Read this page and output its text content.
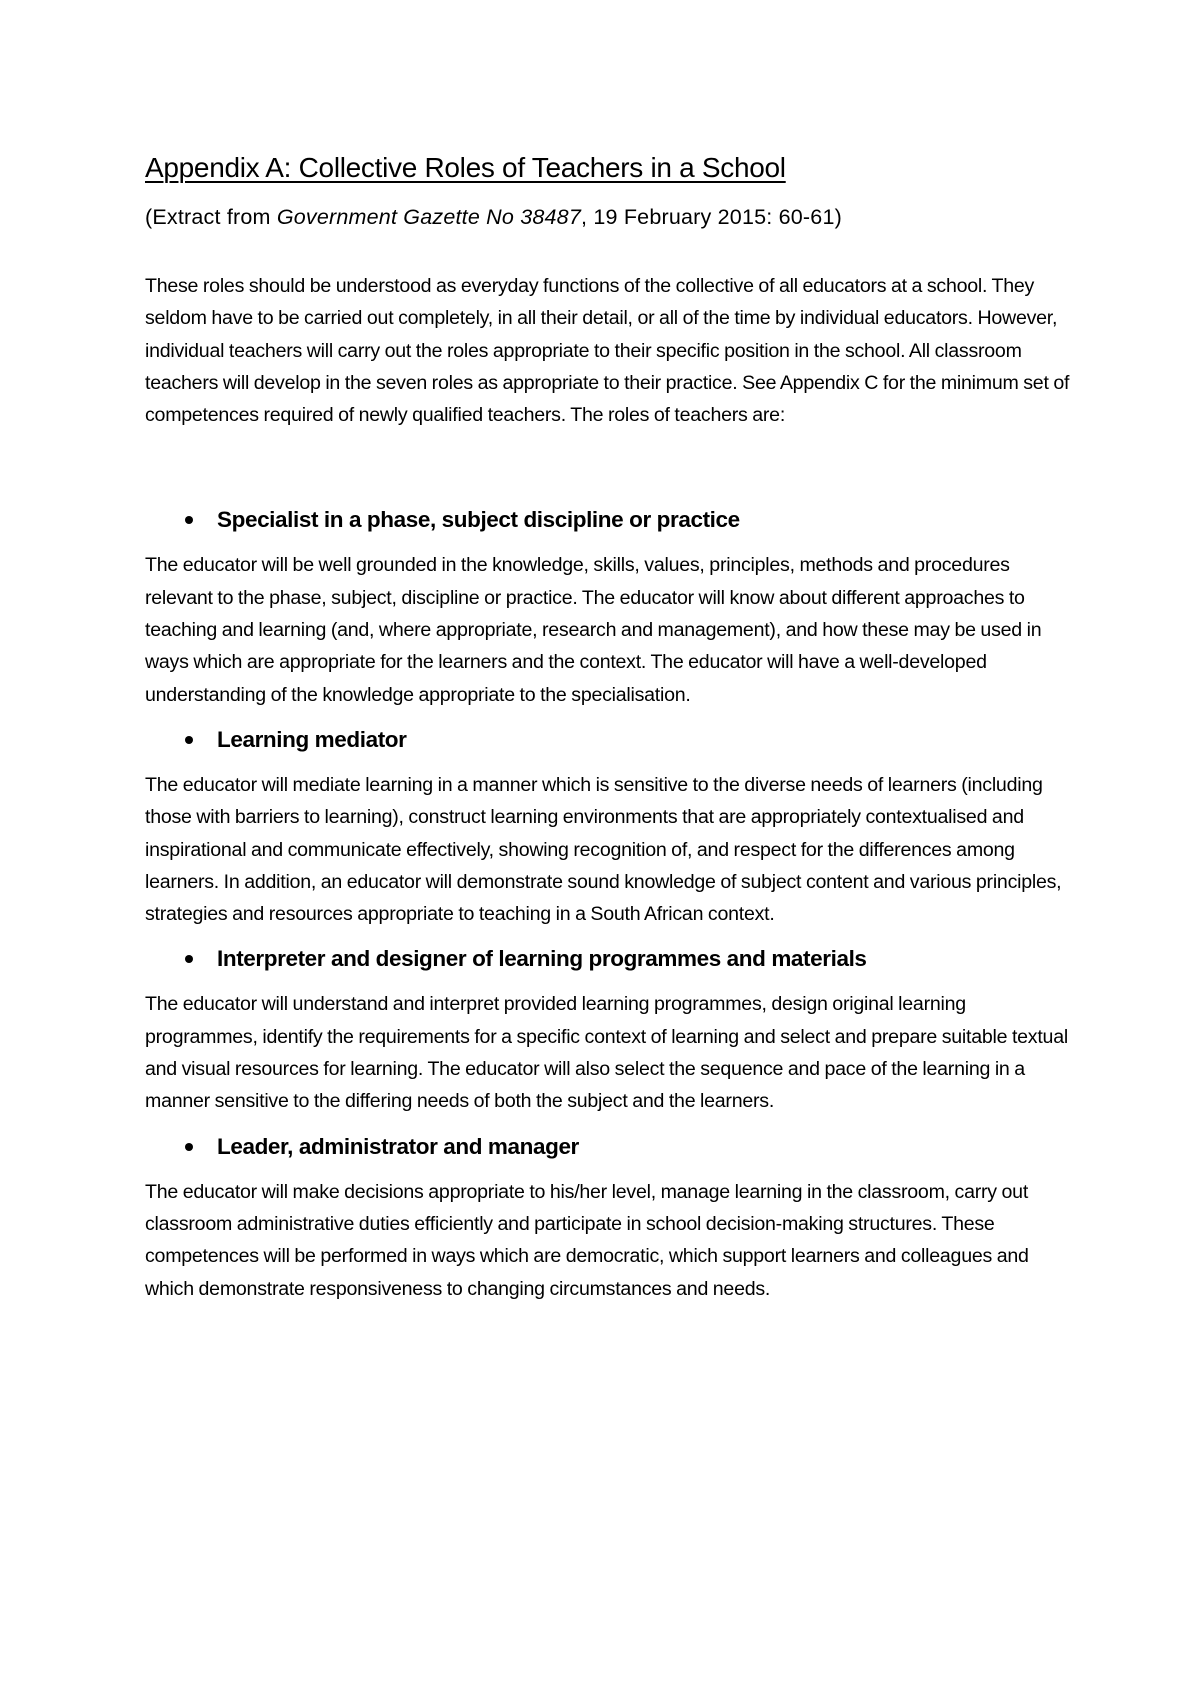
Appendix A: Collective Roles of Teachers in a School

(Extract from Government Gazette No 38487, 19 February 2015: 60-61)

These roles should be understood as everyday functions of the collective of all educators at a school. They seldom have to be carried out completely, in all their detail, or all of the time by individual educators. However, individual teachers will carry out the roles appropriate to their specific position in the school. All classroom teachers will develop in the seven roles as appropriate to their practice. See Appendix C for the minimum set of competences required of newly qualified teachers. The roles of teachers are:

Specialist in a phase, subject discipline or practice

The educator will be well grounded in the knowledge, skills, values, principles, methods and procedures relevant to the phase, subject, discipline or practice. The educator will know about different approaches to teaching and learning (and, where appropriate, research and management), and how these may be used in ways which are appropriate for the learners and the context. The educator will have a well-developed understanding of the knowledge appropriate to the specialisation.

Learning mediator

The educator will mediate learning in a manner which is sensitive to the diverse needs of learners (including those with barriers to learning), construct learning environments that are appropriately contextualised and inspirational and communicate effectively, showing recognition of, and respect for the differences among learners. In addition, an educator will demonstrate sound knowledge of subject content and various principles, strategies and resources appropriate to teaching in a South African context.

Interpreter and designer of learning programmes and materials

The educator will understand and interpret provided learning programmes, design original learning programmes, identify the requirements for a specific context of learning and select and prepare suitable textual and visual resources for learning. The educator will also select the sequence and pace of the learning in a manner sensitive to the differing needs of both the subject and the learners.

Leader, administrator and manager

The educator will make decisions appropriate to his/her level, manage learning in the classroom, carry out classroom administrative duties efficiently and participate in school decision-making structures. These competences will be performed in ways which are democratic, which support learners and colleagues and which demonstrate responsiveness to changing circumstances and needs.
